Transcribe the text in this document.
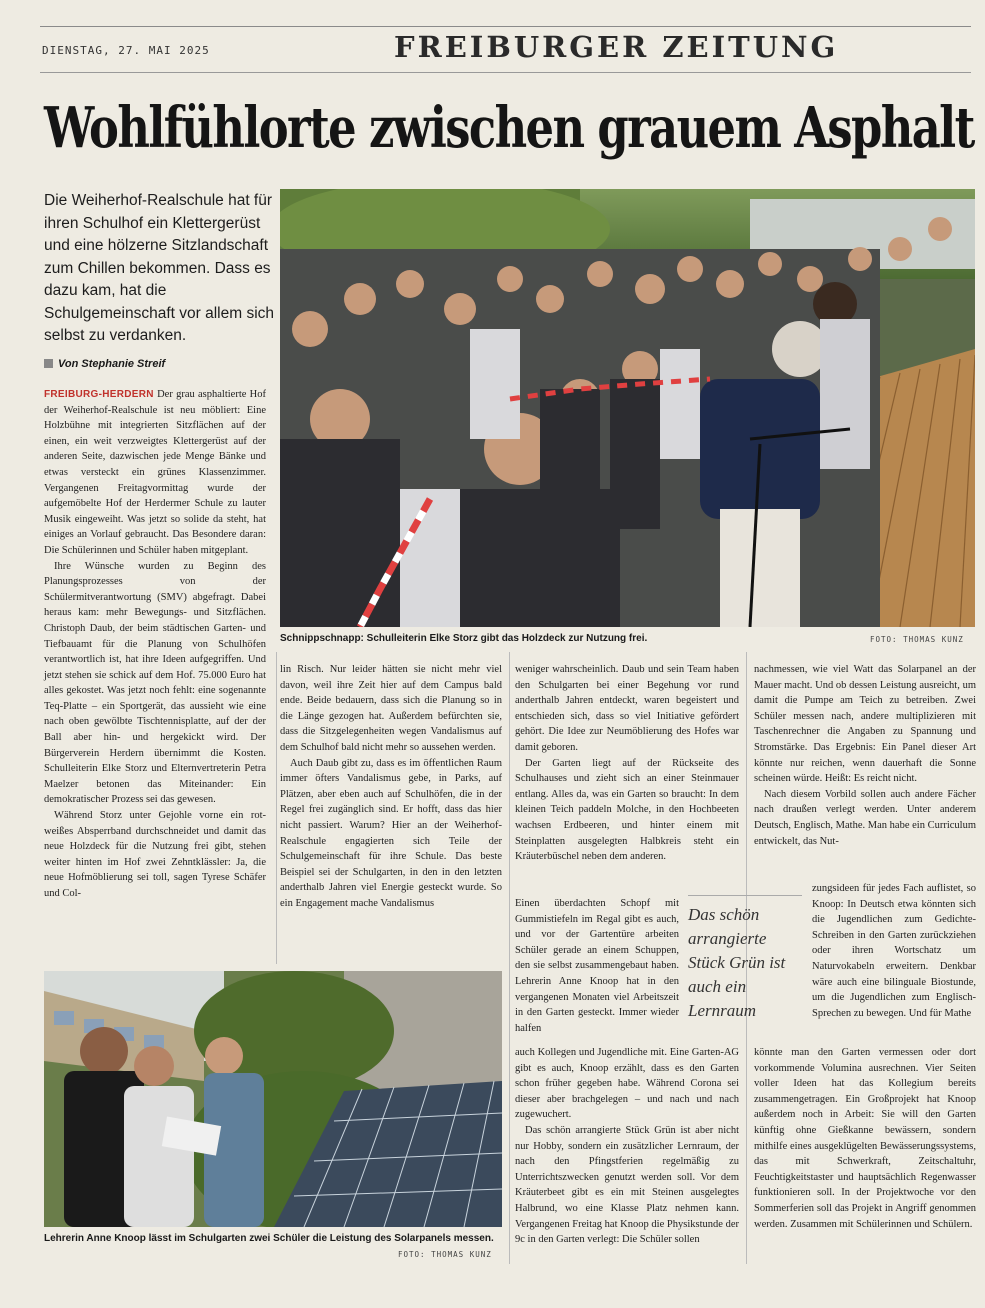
DIENSTAG, 27. MAI 2025	FREIBURGER ZEITUNG
Wohlfühlorte zwischen grauem Asphalt
Die Weiherhof-Realschule hat für ihren Schulhof ein Klettergerüst und eine hölzerne Sitzlandschaft zum Chillen bekommen. Dass es dazu kam, hat die Schulgemeinschaft vor allem sich selbst zu verdanken.
Von Stephanie Streif
Schnippschnapp: Schulleiterin Elke Storz gibt das Holzdeck zur Nutzung frei.	FOTO: THOMAS KUNZ

FREIBURG-HERDERN Der grau asphaltierte Hof der Weiherhof-Realschule ist neu möbliert: Eine Holzbühne mit integrierten Sitzflächen auf der einen, ein weit verzweigtes Klettergerüst auf der anderen Seite, dazwischen jede Menge Bänke und etwas versteckt ein grünes Klassenzimmer. Vergangenen Freitagvormittag wurde der aufgemöbelte Hof der Herdermer Schule zu lauter Musik eingeweiht. Was jetzt so solide da steht, hat einiges an Vorlauf gebraucht. Das Besondere daran: Die Schülerinnen und Schüler haben mitgeplant.

Ihre Wünsche wurden zu Beginn des Planungsprozesses von der Schülermitverantwortung (SMV) abgefragt. Dabei heraus kam: mehr Bewegungs- und Sitzflächen. Christoph Daub, der beim städtischen Garten- und Tiefbauamt für die Planung von Schulhöfen verantwortlich ist, hat ihre Ideen aufgegriffen. Und jetzt stehen sie schick auf dem Hof. 75.000 Euro hat alles gekostet. Was jetzt noch fehlt: eine sogenannte Teq-Platte – ein Sportgerät, das aussieht wie eine nach oben gewölbte Tischtennisplatte, auf der der Ball aber hin- und hergekickt wird. Der Bürgerverein Herdern übernimmt die Kosten. Schulleiterin Elke Storz und Elternvertreterin Petra Maelzer betonen das Miteinander: Ein demokratischer Prozess sei das gewesen.

Während Storz unter Gejohle vorne ein rot-weißes Absperrband durchschneidet und damit das neue Holzdeck für die Nutzung frei gibt, stehen weiter hinten im Hof zwei Zehntklässler: Ja, die neue Hofmöblierung sei toll, sagen Tyrese Schäfer und Col-

lin Risch. Nur leider hätten sie nicht mehr viel davon, weil ihre Zeit hier auf dem Campus bald ende. Beide bedauern, dass sich die Planung so in die Länge gezogen hat. Außerdem befürchten sie, dass die Sitzgelegenheiten wegen Vandalismus auf dem Schulhof bald nicht mehr so aussehen werden.

Auch Daub gibt zu, dass es im öffentlichen Raum immer öfters Vandalismus gebe, in Parks, auf Plätzen, aber eben auch auf Schulhöfen, die in der Regel frei zugänglich sind. Er hofft, dass das hier nicht passiert. Warum? Hier an der Weiherhof-Realschule engagierten sich Teile der Schulgemeinschaft für ihre Schule. Das beste Beispiel sei der Schulgarten, in den in den letzten anderthalb Jahren viel Energie gesteckt wurde. So ein Engagement mache Vandalismus

weniger wahrscheinlich. Daub und sein Team haben den Schulgarten bei einer Begehung vor rund anderthalb Jahren entdeckt, waren begeistert und entschieden sich, dass so viel Initiative gefördert gehört. Die Idee zur Neumöblierung des Hofes war damit geboren.

Der Garten liegt auf der Rückseite des Schulhauses und zieht sich an einer Steinmauer entlang. Alles da, was ein Garten so braucht: In dem kleinen Teich paddeln Molche, in den Hochbeeten wachsen Erdbeeren, und hinter einem mit Steinplatten ausgelegten Halbkreis steht ein Kräuterbüschel neben dem anderen.

Einen überdachten Schopf mit Gummistiefeln im Regal gibt es auch, und vor der Gartentüre arbeiten Schüler gerade an einem Schuppen, den sie selbst zusammengebaut haben. Lehrerin Anne Knoop hat in den vergangenen Monaten viel Arbeitszeit in den Garten gesteckt. Immer wieder halfen

auch Kollegen und Jugendliche mit. Eine Garten-AG gibt es auch, Knoop erzählt, dass es den Garten schon früher gegeben habe. Während Corona sei dieser aber brachgelegen – und nach und nach zugewuchert.

Das schön arrangierte Stück Grün ist aber nicht nur Hobby, sondern ein zusätzlicher Lernraum, der nach den Pfingstferien regelmäßig zu Unterrichtszwecken genutzt werden soll. Vor dem Kräuterbeet gibt es ein mit Steinen ausgelegtes Halbrund, wo eine Klasse Platz nehmen kann. Vergangenen Freitag hat Knoop die Physikstunde der 9c in den Garten verlegt: Die Schüler sollen

Das schön arrangierte Stück Grün ist auch ein Lernraum

nachmessen, wie viel Watt das Solarpanel an der Mauer macht. Und ob dessen Leistung ausreicht, um damit die Pumpe am Teich zu betreiben. Zwei Schüler messen nach, andere multiplizieren mit Taschenrechner die Angaben zu Spannung und Stromstärke. Das Ergebnis: Ein Panel dieser Art könnte nur reichen, wenn dauerhaft die Sonne scheinen würde. Heißt: Es reicht nicht.

Nach diesem Vorbild sollen auch andere Fächer nach draußen verlegt werden. Unter anderem Deutsch, Englisch, Mathe. Man habe ein Curriculum entwickelt, das Nut-

zungsideen für jedes Fach auflistet, so Knoop: In Deutsch etwa könnten sich die Jugendlichen zum Gedichte-Schreiben in den Garten zurückziehen oder ihren Wortschatz um Naturvokabeln erweitern. Denkbar wäre auch eine bilinguale Biostunde, um die Jugendlichen zum Englisch-Sprechen zu bewegen. Und für Mathe

könnte man den Garten vermessen oder dort vorkommende Volumina ausrechnen. Vier Seiten voller Ideen hat das Kollegium bereits zusammengetragen. Ein Großprojekt hat Knoop außerdem noch in Arbeit: Sie will den Garten künftig ohne Gießkanne bewässern, sondern mithilfe eines ausgeklügelten Bewässerungssystems, das mit Schwerkraft, Zeitschaltuhr, Feuchtigkeitstaster und hauptsächlich Regenwasser funktionieren soll. In der Projektwoche vor den Sommerferien soll das Projekt in Angriff genommen werden. Zusammen mit Schülerinnen und Schülern.

Lehrerin Anne Knoop lässt im Schulgarten zwei Schüler die Leistung des Solarpanels messen.
FOTO: THOMAS KUNZ
